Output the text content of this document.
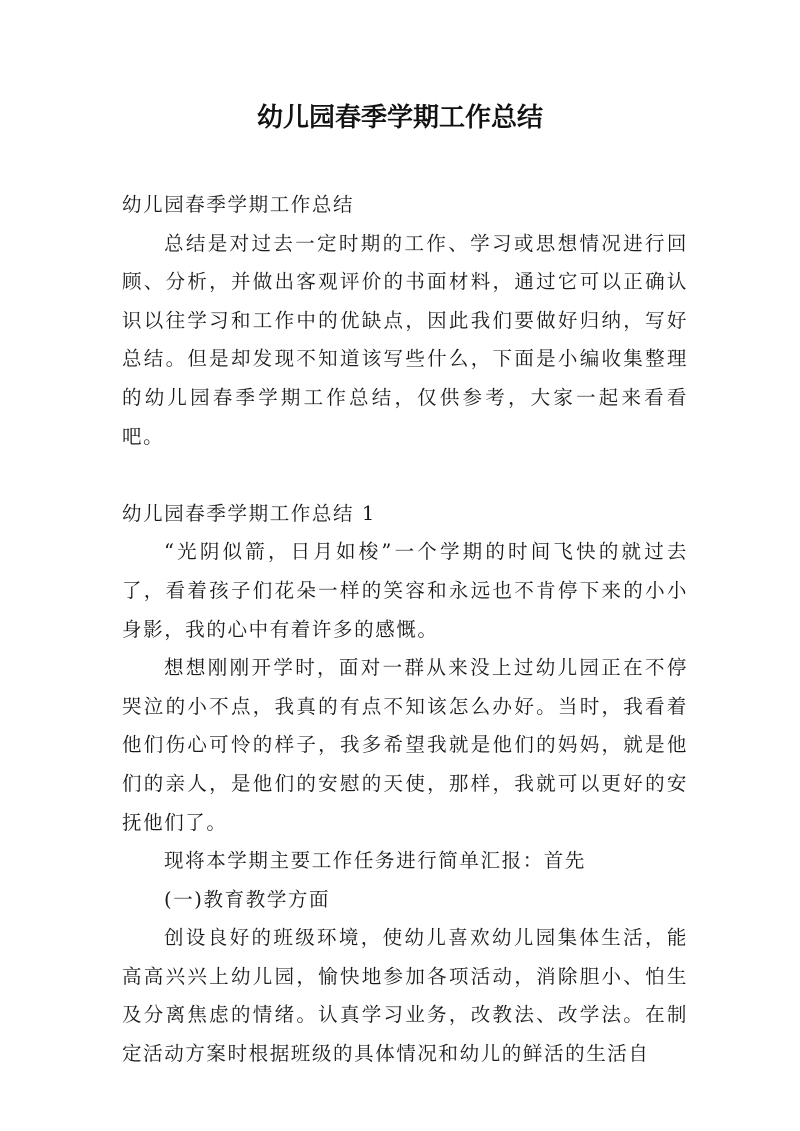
幼儿园春季学期工作总结

幼儿园春季学期工作总结

总结是对过去一定时期的工作、学习或思想情况进行回顾、分析，并做出客观评价的书面材料，通过它可以正确认识以往学习和工作中的优缺点，因此我们要做好归纳，写好总结。但是却发现不知道该写些什么，下面是小编收集整理的幼儿园春季学期工作总结，仅供参考，大家一起来看看吧。

幼儿园春季学期工作总结 1

“光阴似箭，日月如梭”一个学期的时间飞快的就过去了，看着孩子们花朵一样的笑容和永远也不肯停下来的小小身影，我的心中有着许多的感慨。

想想刚刚开学时，面对一群从来没上过幼儿园正在不停哭泣的小不点，我真的有点不知该怎么办好。当时，我看着他们伤心可怜的样子，我多希望我就是他们的妈妈，就是他们的亲人，是他们的安慰的天使，那样，我就可以更好的安抚他们了。

现将本学期主要工作任务进行简单汇报：首先

(一)教育教学方面

创设良好的班级环境，使幼儿喜欢幼儿园集体生活，能高高兴兴上幼儿园，愉快地参加各项活动，消除胆小、怕生及分离焦虑的情绪。认真学习业务，改教法、改学法。在制定活动方案时根据班级的具体情况和幼儿的鲜活的生活自
